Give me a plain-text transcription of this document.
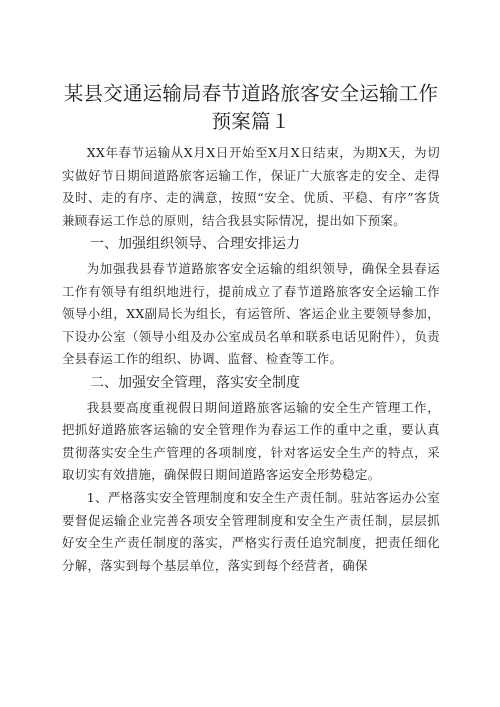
某县交通运输局春节道路旅客安全运输工作预案篇１

XX年春节运输从X月X日开始至X月X日结束，为期X天，为切实做好节日期间道路旅客运输工作，保证广大旅客走的安全、走得及时、走的有序、走的满意，按照“安全、优质、平稳、有序”客货兼顾春运工作总的原则，结合我县实际情况，提出如下预案。

一、加强组织领导、合理安排运力

为加强我县春节道路旅客安全运输的组织领导，确保全县春运工作有领导有组织地进行，提前成立了春节道路旅客安全运输工作领导小组，XX副局长为组长，有运管所、客运企业主要领导参加，下设办公室（领导小组及办公室成员名单和联系电话见附件），负责全县春运工作的组织、协调、监督、检查等工作。

二、加强安全管理，落实安全制度

我县要高度重视假日期间道路旅客运输的安全生产管理工作，把抓好道路旅客运输的安全管理作为春运工作的重中之重，要认真贯彻落实安全生产管理的各项制度，针对客运安全生产的特点，采取切实有效措施，确保假日期间道路客运安全形势稳定。

1、严格落实安全管理制度和安全生产责任制。驻站客运办公室要督促运输企业完善各项安全管理制度和安全生产责任制，层层抓好安全生产责任制度的落实，严格实行责任追究制度，把责任细化分解，落实到每个基层单位，落实到每个经营者，确保
